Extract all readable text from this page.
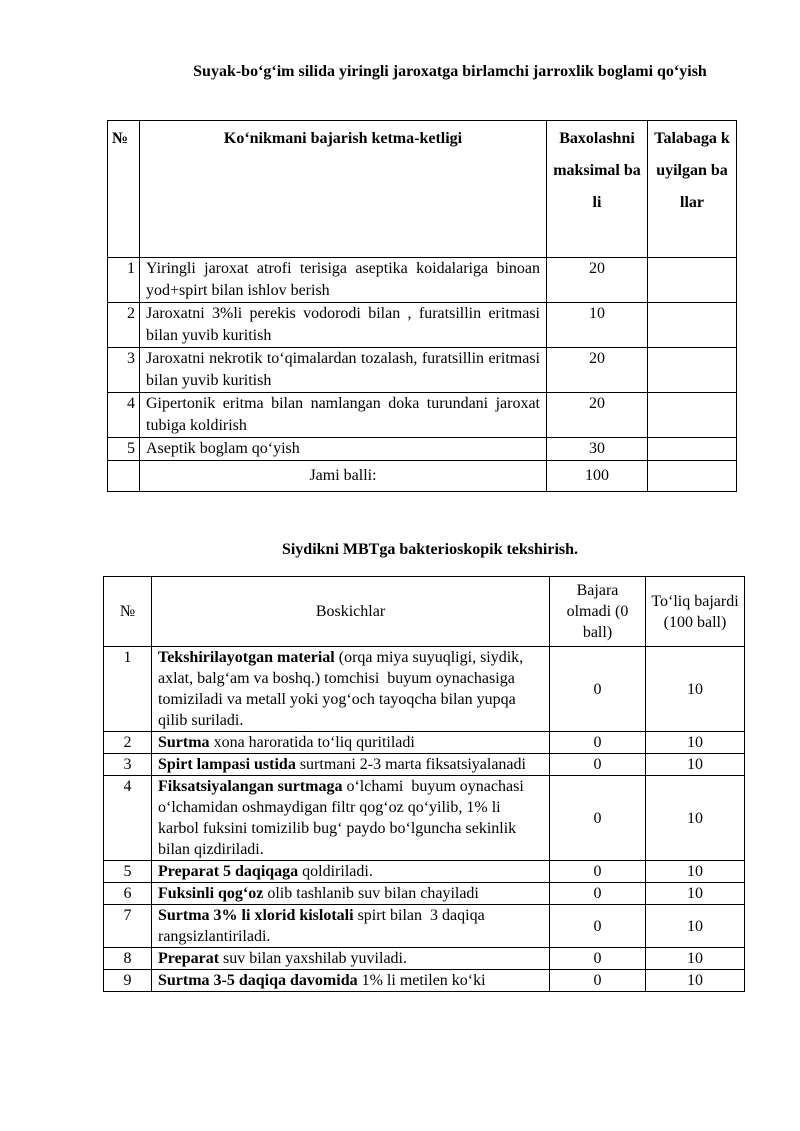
Suyak-bo‘g‘im silida yiringli jaroxatga birlamchi jarroxlik boglami qo‘yish
№	Ko‘nikmani bajarish ketma-ketligi	Baxolashni maksimal bali	Talabaga kuyilgan ballar
1	Yiringli jaroxat atrofi terisiga aseptika koidalariga binoan yod+spirt bilan ishlov berish	20	
2	Jaroxatni 3%li perekis vodorodi bilan , furatsillin eritmasi bilan yuvib kuritish	10	
3	Jaroxatni nekrotik to‘qimalardan tozalash, furatsillin eritmasi bilan yuvib kuritish	20	
4	Gipertonik eritma bilan namlangan doka turundani jaroxat tubiga koldirish	20	
5	Aseptik boglam qo‘yish	30	
	Jami balli:	100	
Siydikni MBTga bakterioskopik tekshirish.
№	Boskichlar	Bajara olmadi (0 ball)	To‘liq bajardi (100 ball)
1	Tekshirilayotgan material (orqa miya suyuqligi, siydik, axlat, balg‘am va boshq.) tomchisi  buyum oynachasiga tomiziladi va metall yoki yog‘och tayoqcha bilan yupqa qilib suriladi.	0	10
2	Surtma xona haroratida to‘liq quritiladi	0	10
3	Spirt lampasi ustida surtmani 2-3 marta fiksatsiyalanadi	0	10
4	Fiksatsiyalangan surtmaga o‘lchami  buyum oynachasi o‘lchamidan oshmaydigan filtr qog‘oz qo‘yilib, 1% li karbol fuksini tomizilib bug‘ paydo bo‘lguncha sekinlik bilan qizdiriladi.	0	10
5	Preparat 5 daqiqaga qoldiriladi.	0	10
6	Fuksinli qog‘oz olib tashlanib suv bilan chayiladi	0	10
7	Surtma 3% li xlorid kislotali spirt bilan  3 daqiqa rangsizlantiriladi.	0	10
8	Preparat suv bilan yaxshilab yuviladi.	0	10
9	Surtma 3-5 daqiqa davomida 1% li metilen ko‘ki	0	10
